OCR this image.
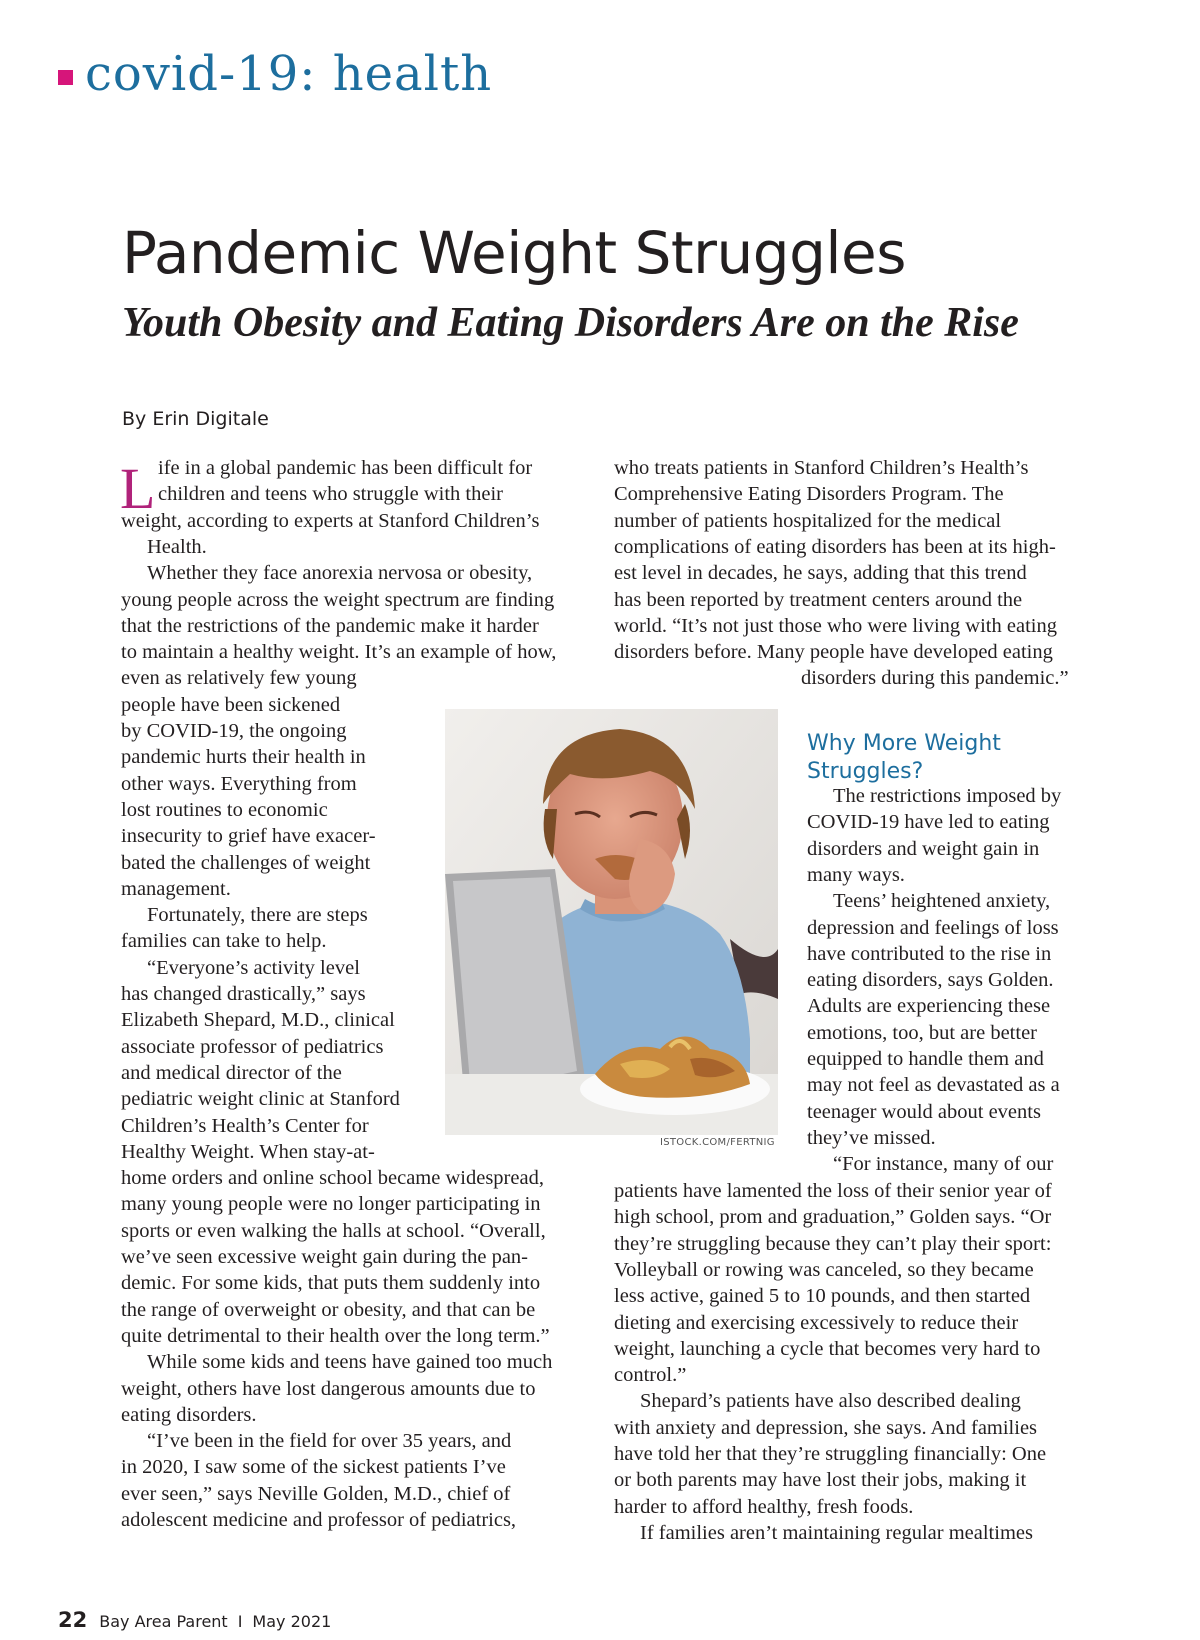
covid-19: health
Pandemic Weight Struggles
Youth Obesity and Eating Disorders Are on the Rise
By Erin Digitale
L ife in a global pandemic has been difficult for
children and teens who struggle with their
weight, according to experts at Stanford Children’s
Health.
Whether they face anorexia nervosa or obesity,
young people across the weight spectrum are finding
that the restrictions of the pandemic make it harder
to maintain a healthy weight. It’s an example of how,
even as relatively few young
people have been sickened
by COVID-19, the ongoing
pandemic hurts their health in
other ways. Everything from
lost routines to economic
insecurity to grief have exacer-
bated the challenges of weight
management.
Fortunately, there are steps
families can take to help.
“Everyone’s activity level
has changed drastically,” says
Elizabeth Shepard, M.D., clinical
associate professor of pediatrics
and medical director of the
pediatric weight clinic at Stanford
Children’s Health’s Center for
Healthy Weight. When stay-at-
home orders and online school became widespread,
many young people were no longer participating in
sports or even walking the halls at school. “Overall,
we’ve seen excessive weight gain during the pan-
demic. For some kids, that puts them suddenly into
the range of overweight or obesity, and that can be
quite detrimental to their health over the long term.”
While some kids and teens have gained too much
weight, others have lost dangerous amounts due to
eating disorders.
“I’ve been in the field for over 35 years, and
in 2020, I saw some of the sickest patients I’ve
ever seen,” says Neville Golden, M.D., chief of
adolescent medicine and professor of pediatrics,
who treats patients in Stanford Children’s Health’s
Comprehensive Eating Disorders Program. The
number of patients hospitalized for the medical
complications of eating disorders has been at its high-
est level in decades, he says, adding that this trend
has been reported by treatment centers around the
world. “It’s not just those who were living with eating
disorders before. Many people have developed eating
disorders during this pandemic.”
The restrictions imposed by
COVID-19 have led to eating
disorders and weight gain in
many ways.
Teens’ heightened anxiety,
depression and feelings of loss
have contributed to the rise in
eating disorders, says Golden.
Adults are experiencing these
emotions, too, but are better
equipped to handle them and
may not feel as devastated as a
teenager would about events
they’ve missed.
“For instance, many of our
patients have lamented the loss of their senior year of
high school, prom and graduation,” Golden says. “Or
they’re struggling because they can’t play their sport:
Volleyball or rowing was canceled, so they became
less active, gained 5 to 10 pounds, and then started
dieting and exercising excessively to reduce their
weight, launching a cycle that becomes very hard to
control.”
Shepard’s patients have also described dealing
with anxiety and depression, she says. And families
have told her that they’re struggling financially: One
or both parents may have lost their jobs, making it
harder to afford healthy, fresh foods.
If families aren’t maintaining regular mealtimes
Why More Weight
Struggles?
ISTOCK.COM/FERTNIG
22 Bay Area Parent I May 2021
